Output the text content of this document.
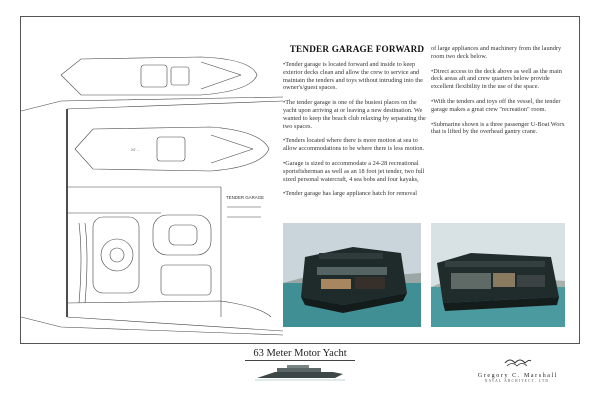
24' ...
TENDER GARAGE
TENDER GARAGE FORWARD

•Tender garage is located forward and inside to keep exterior decks clean and allow the crew to service and maintain the tenders and toys without intruding into the owner's/guest spaces.

•The tender garage is one of the busiest places on the yacht upon arriving at or leaving a new destination. We wanted to keep the beach club relaxing by separating the two spaces.

•Tenders located where there is more motion at sea to allow accommodations to be where there is less motion.

•Garage is sized to accommodate a 24-28 recreational sportsfisherman as well as an 18 foot jet tender, two full sized personal watercraft, 4 sea bobs and four kayaks,

•Tender garage has large appliance hatch for removal

of large appliances and machinery from the laundry room two deck below.

•Direct access to the deck above as well as the main deck areas aft and crew quarters below provide excellent flexibility in the use of the space.

•With the tenders and toys off the vessel, the tender garage makes a great crew "recreation" room.

•Submarine shown is a three passenger U-Boat Worx that is lifted by the overhead gantry crane.

63 Meter Motor Yacht
Gregory C. Marshall
NAVAL ARCHITECT, LTD.
